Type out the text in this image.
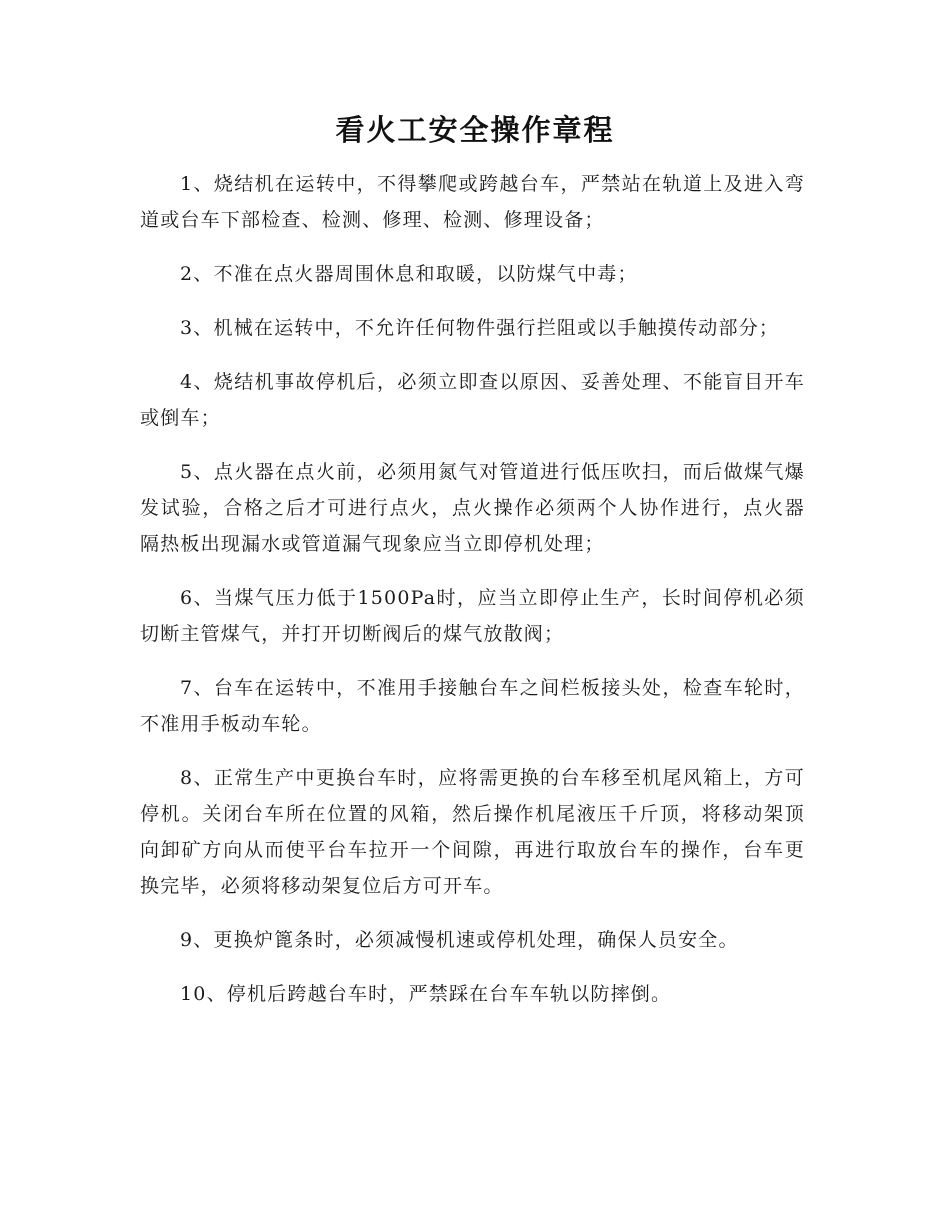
看火工安全操作章程

1、烧结机在运转中，不得攀爬或跨越台车，严禁站在轨道上及进入弯道或台车下部检查、检测、修理、检测、修理设备；

2、不准在点火器周围休息和取暖，以防煤气中毒；

3、机械在运转中，不允许任何物件强行拦阻或以手触摸传动部分；

4、烧结机事故停机后，必须立即查以原因、妥善处理、不能盲目开车或倒车；

5、点火器在点火前，必须用氮气对管道进行低压吹扫，而后做煤气爆发试验，合格之后才可进行点火，点火操作必须两个人协作进行，点火器隔热板出现漏水或管道漏气现象应当立即停机处理；

6、当煤气压力低于1500Pa时，应当立即停止生产，长时间停机必须切断主管煤气，并打开切断阀后的煤气放散阀；

7、台车在运转中，不准用手接触台车之间栏板接头处，检查车轮时，不准用手板动车轮。

8、正常生产中更换台车时，应将需更换的台车移至机尾风箱上，方可停机。关闭台车所在位置的风箱，然后操作机尾液压千斤顶，将移动架顶向卸矿方向从而使平台车拉开一个间隙，再进行取放台车的操作，台车更换完毕，必须将移动架复位后方可开车。

9、更换炉篦条时，必须减慢机速或停机处理，确保人员安全。

10、停机后跨越台车时，严禁踩在台车车轨以防摔倒。
